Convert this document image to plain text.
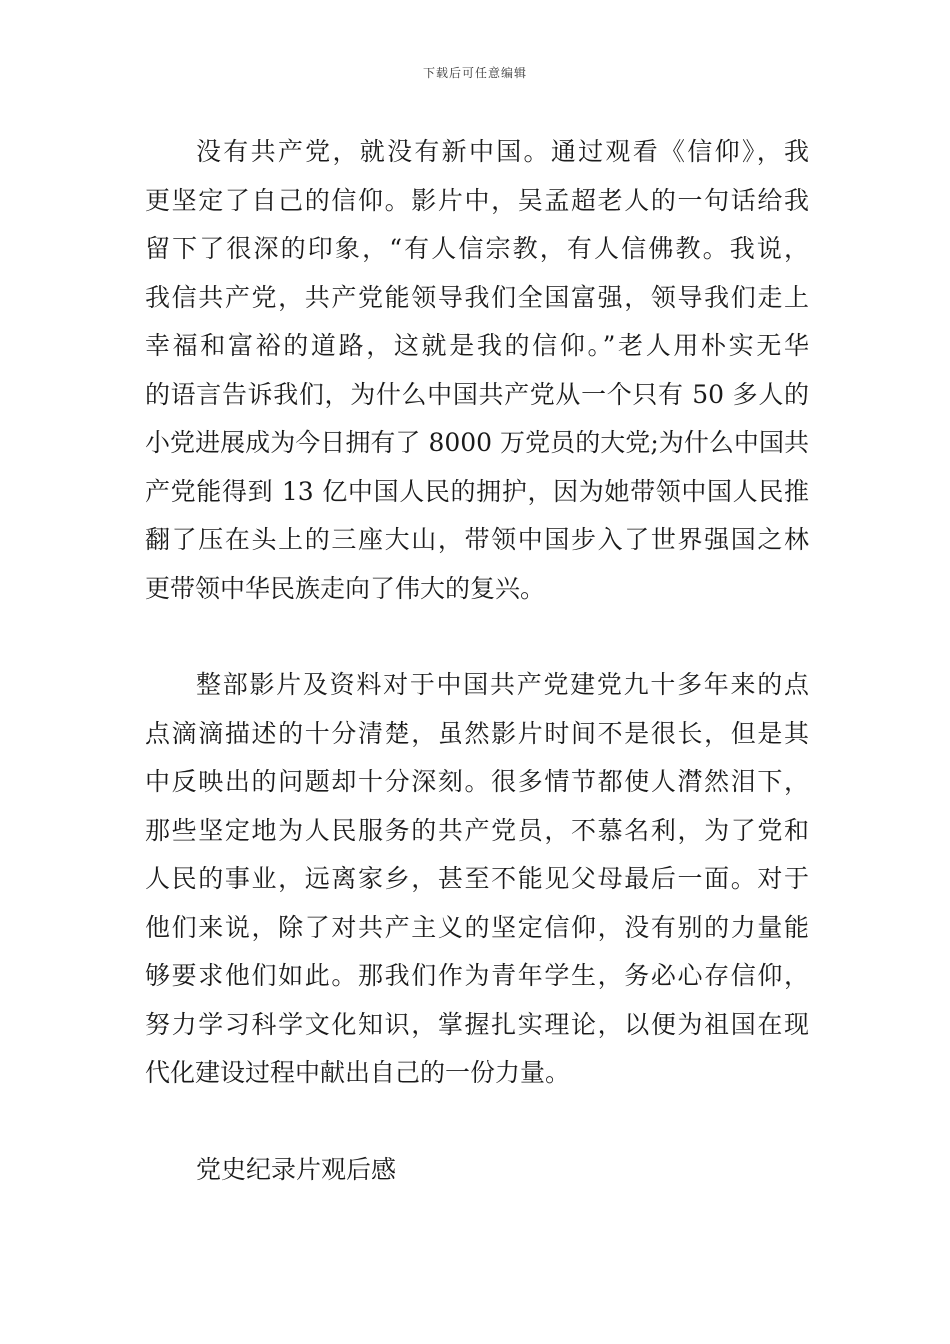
下载后可任意编辑
没有共产党，就没有新中国。通过观看《信仰》，我
更坚定了自己的信仰。影片中，吴孟超老人的一句话给我
留下了很深的印象，“有人信宗教，有人信佛教。我说，
我信共产党，共产党能领导我们全国富强，领导我们走上
幸福和富裕的道路，这就是我的信仰。”老人用朴实无华
的语言告诉我们，为什么中国共产党从一个只有 50 多人的
小党进展成为今日拥有了 8000 万党员的大党;为什么中国共
产党能得到 13 亿中国人民的拥护，因为她带领中国人民推
翻了压在头上的三座大山，带领中国步入了世界强国之林
更带领中华民族走向了伟大的复兴。
整部影片及资料对于中国共产党建党九十多年来的点
点滴滴描述的十分清楚，虽然影片时间不是很长，但是其
中反映出的问题却十分深刻。很多情节都使人潸然泪下，
那些坚定地为人民服务的共产党员，不慕名利，为了党和
人民的事业，远离家乡，甚至不能见父母最后一面。对于
他们来说，除了对共产主义的坚定信仰，没有别的力量能
够要求他们如此。那我们作为青年学生，务必心存信仰，
努力学习科学文化知识，掌握扎实理论，以便为祖国在现
代化建设过程中献出自己的一份力量。
党史纪录片观后感
